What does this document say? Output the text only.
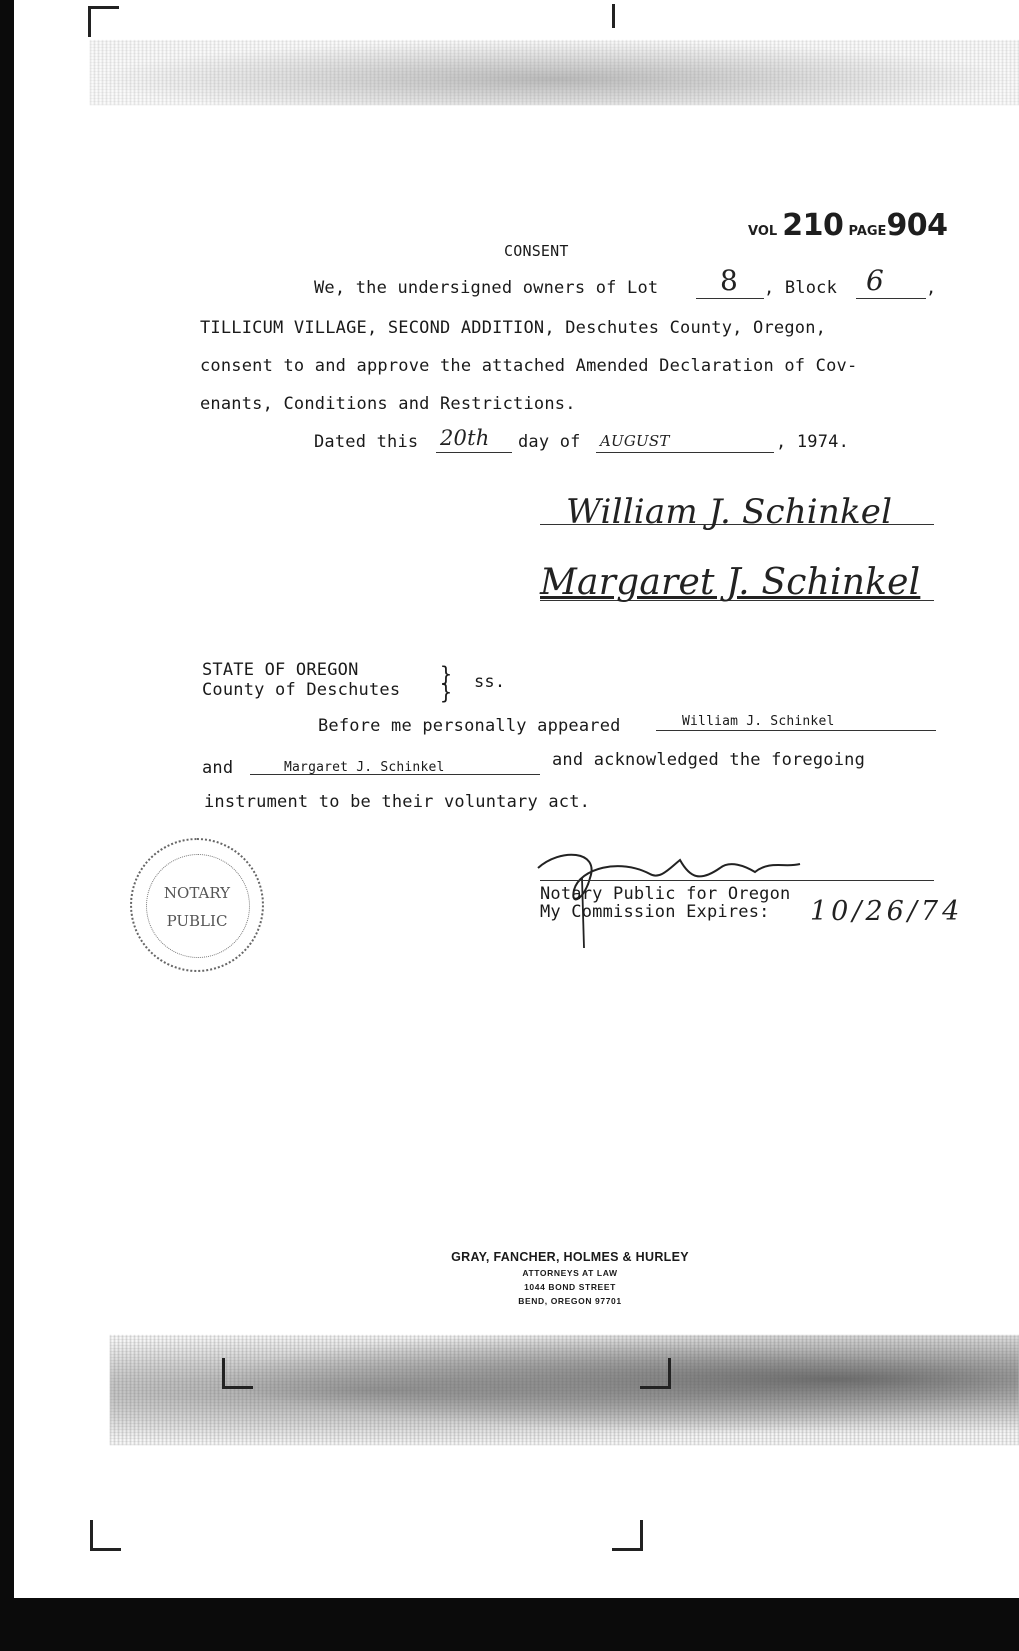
VOL 210 PAGE904
CONSENT
We, the undersigned owners of Lot 8 , Block 6 ,
TILLICUM VILLAGE, SECOND ADDITION, Deschutes County, Oregon,
consent to and approve the attached Amended Declaration of Cov-
enants, Conditions and Restrictions.
Dated this 20th day of AUGUST	, 1974.
William J. Schinkel
Margaret J. Schinkel
STATE OF OREGON
County of Deschutes
}
} ss.
Before me personally appeared	William J. Schinkel
and	Margaret J. Schinkel	and acknowledged the foregoing
instrument to be their voluntary act.
NOTARY
PUBLIC
Notary Public for Oregon
My Commission Expires: 10/26/74
GRAY, FANCHER, HOLMES & HURLEY
ATTORNEYS AT LAW
1044 BOND STREET
BEND, OREGON 97701
